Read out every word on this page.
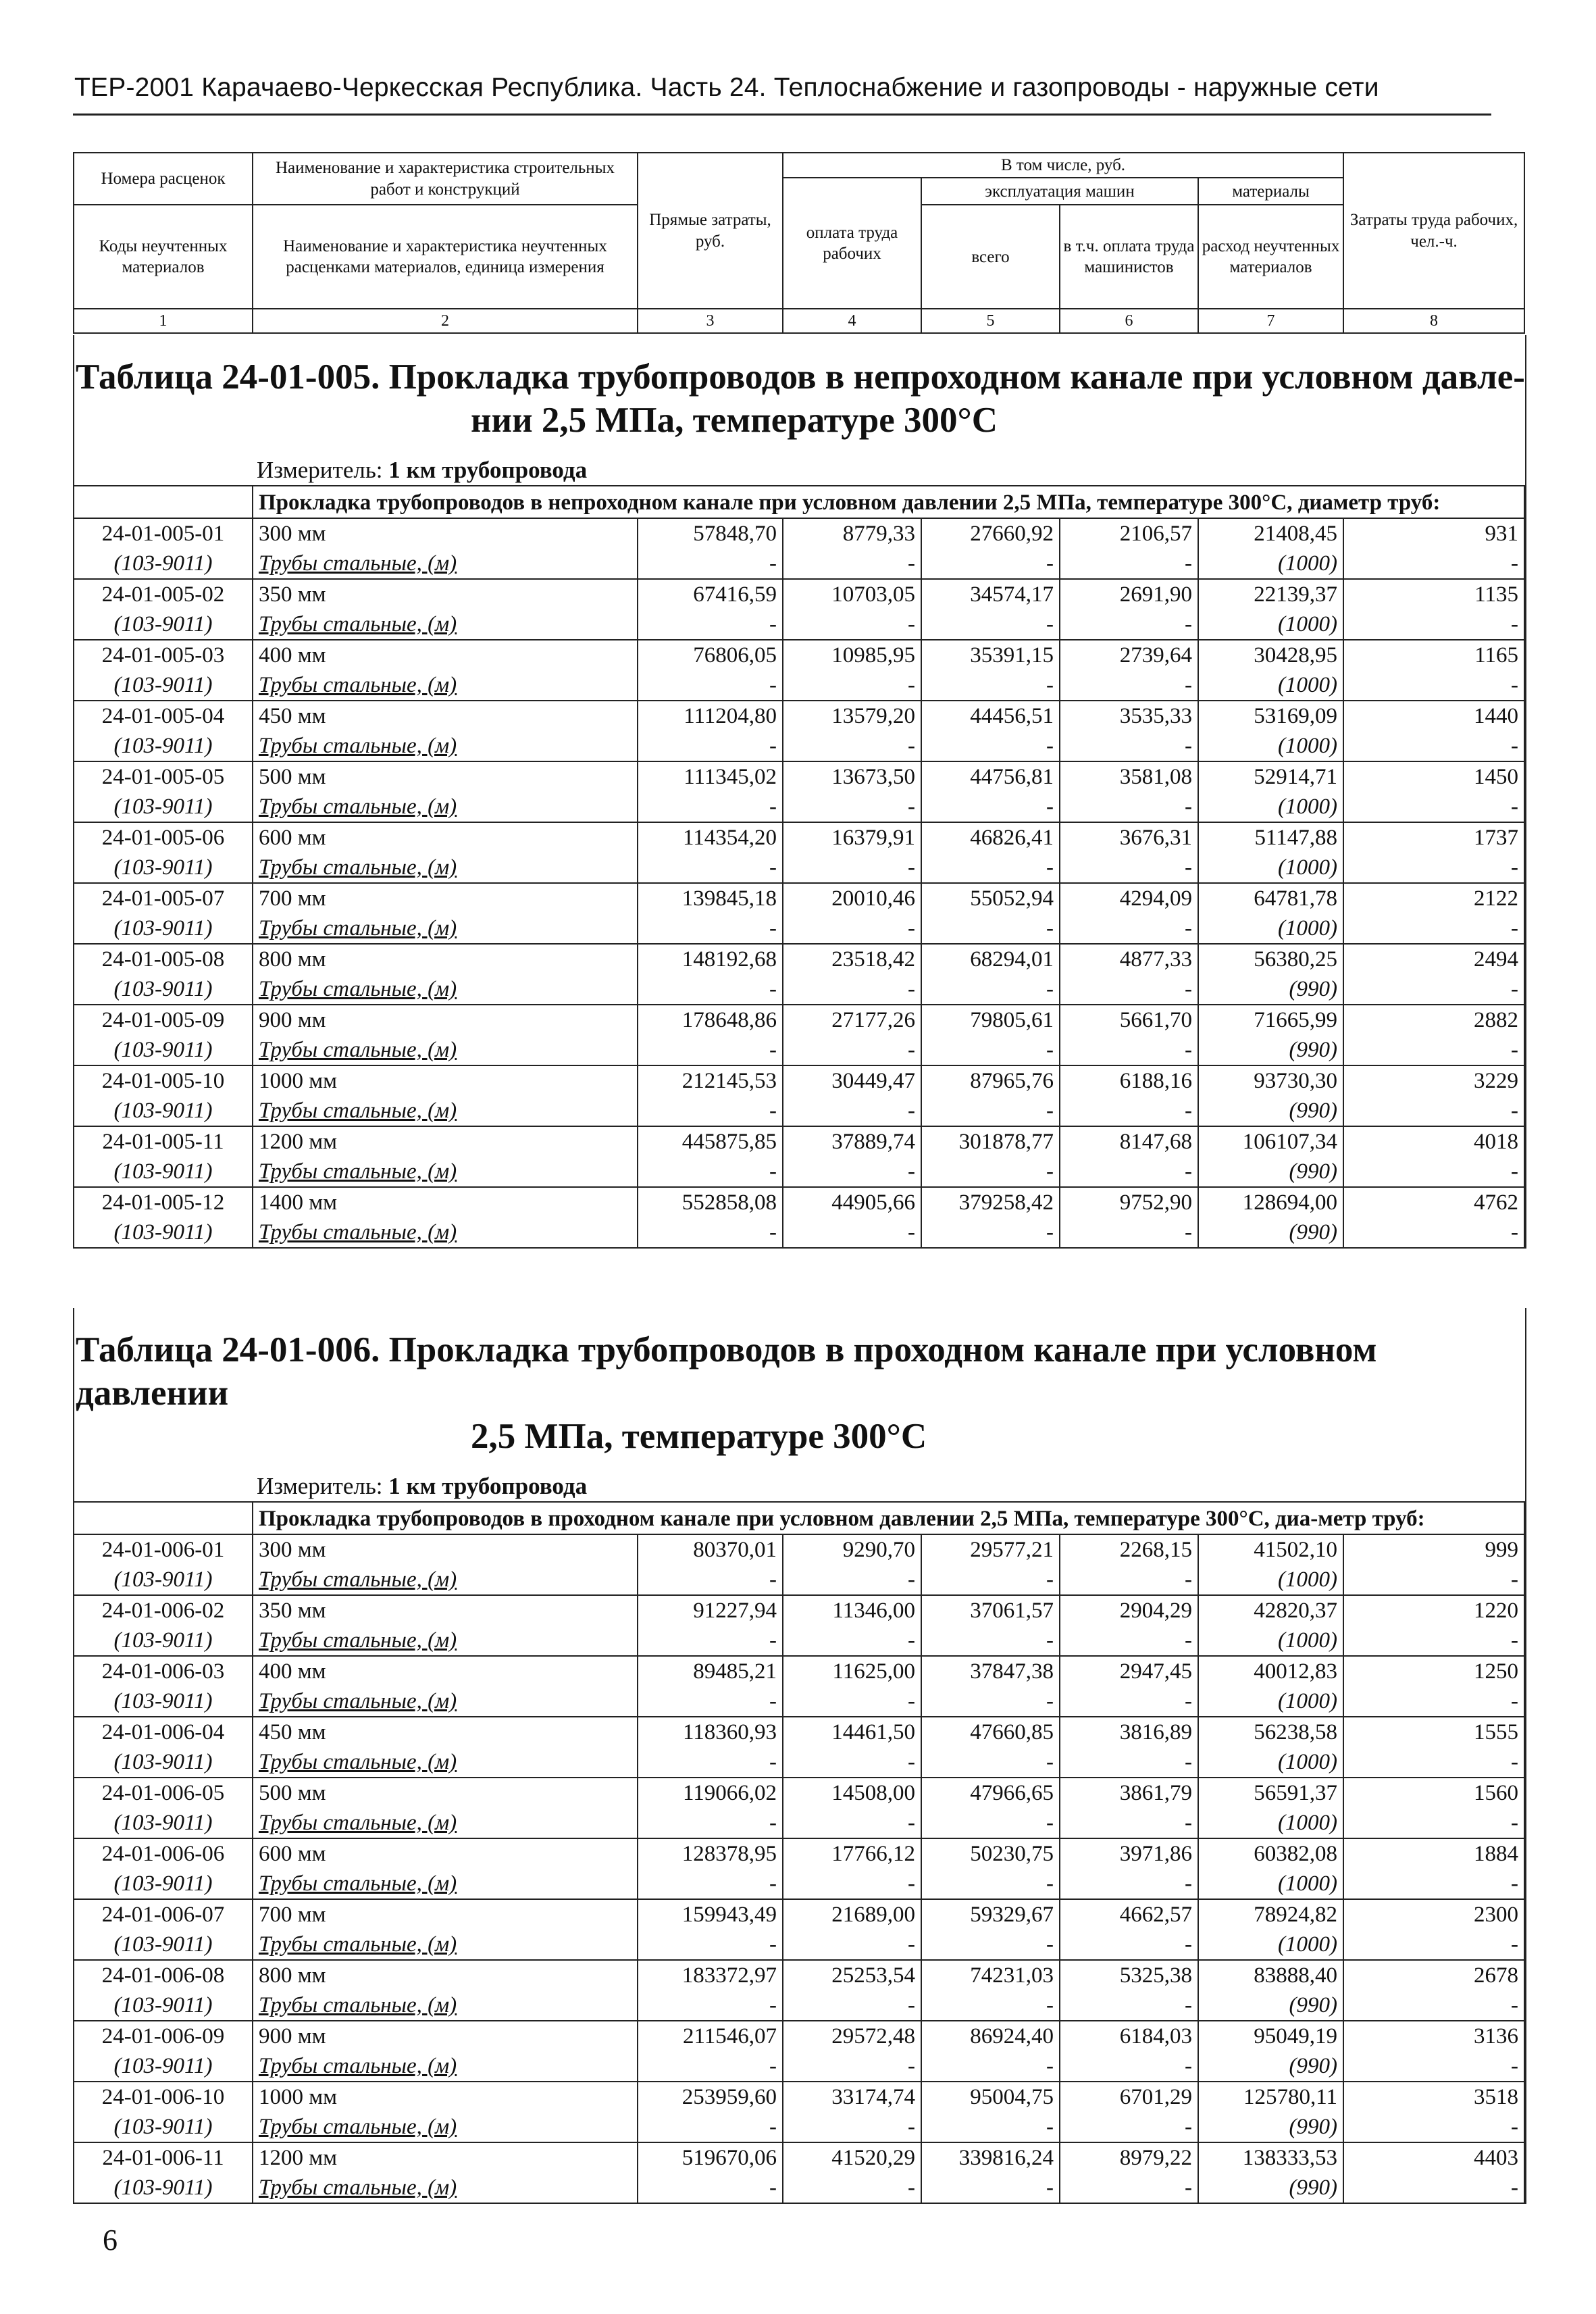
ТЕР-2001 Карачаево-Черкесская Республика. Часть 24. Теплоснабжение и газопроводы - наружные сети
Номера расценок	Наименование и характеристика строительных работ и конструкций	Прямые затраты, руб.	В том числе, руб.				Затраты труда рабочих, чел.-ч.
			оплата труда рабочих	эксплуатация машин		материалы	
Коды неучтенных материалов	Наименование и характеристика неучтенных расценками материалов, единица измерения			всего	в т.ч. оплата труда машинистов	расход неучтенных материалов	

1	2	3	4	5	6	7	8
Таблица 24-01-005. Прокладка трубопроводов в непроходном канале при условном давле-
нии 2,5 МПа, температуре 300°С
Измеритель: 1 км трубопровода
	Прокладка трубопроводов в непроходном канале при условном давлении 2,5 МПа, температуре 300°С, диаметр труб:						
24-01-005-01	300 мм	57848,70	8779,33	27660,92	2106,57	21408,45	931
(103-9011)	Трубы стальные, (м)	-	-	-	-	(1000)	-
24-01-005-02	350 мм	67416,59	10703,05	34574,17	2691,90	22139,37	1135
(103-9011)	Трубы стальные, (м)	-	-	-	-	(1000)	-
24-01-005-03	400 мм	76806,05	10985,95	35391,15	2739,64	30428,95	1165
(103-9011)	Трубы стальные, (м)	-	-	-	-	(1000)	-
24-01-005-04	450 мм	111204,80	13579,20	44456,51	3535,33	53169,09	1440
(103-9011)	Трубы стальные, (м)	-	-	-	-	(1000)	-
24-01-005-05	500 мм	111345,02	13673,50	44756,81	3581,08	52914,71	1450
(103-9011)	Трубы стальные, (м)	-	-	-	-	(1000)	-
24-01-005-06	600 мм	114354,20	16379,91	46826,41	3676,31	51147,88	1737
(103-9011)	Трубы стальные, (м)	-	-	-	-	(1000)	-
24-01-005-07	700 мм	139845,18	20010,46	55052,94	4294,09	64781,78	2122
(103-9011)	Трубы стальные, (м)	-	-	-	-	(1000)	-
24-01-005-08	800 мм	148192,68	23518,42	68294,01	4877,33	56380,25	2494
(103-9011)	Трубы стальные, (м)	-	-	-	-	(990)	-
24-01-005-09	900 мм	178648,86	27177,26	79805,61	5661,70	71665,99	2882
(103-9011)	Трубы стальные, (м)	-	-	-	-	(990)	-
24-01-005-10	1000 мм	212145,53	30449,47	87965,76	6188,16	93730,30	3229
(103-9011)	Трубы стальные, (м)	-	-	-	-	(990)	-
24-01-005-11	1200 мм	445875,85	37889,74	301878,77	8147,68	106107,34	4018
(103-9011)	Трубы стальные, (м)	-	-	-	-	(990)	-
24-01-005-12	1400 мм	552858,08	44905,66	379258,42	9752,90	128694,00	4762
(103-9011)	Трубы стальные, (м)	-	-	-	-	(990)	-
Таблица 24-01-006. Прокладка трубопроводов в проходном канале при условном давлении
2,5 МПа, температуре 300°С
Измеритель: 1 км трубопровода
	Прокладка трубопроводов в проходном канале при условном давлении 2,5 МПа, температуре 300°С, диа-метр труб:						
24-01-006-01	300 мм	80370,01	9290,70	29577,21	2268,15	41502,10	999
(103-9011)	Трубы стальные, (м)	-	-	-	-	(1000)	-
24-01-006-02	350 мм	91227,94	11346,00	37061,57	2904,29	42820,37	1220
(103-9011)	Трубы стальные, (м)	-	-	-	-	(1000)	-
24-01-006-03	400 мм	89485,21	11625,00	37847,38	2947,45	40012,83	1250
(103-9011)	Трубы стальные, (м)	-	-	-	-	(1000)	-
24-01-006-04	450 мм	118360,93	14461,50	47660,85	3816,89	56238,58	1555
(103-9011)	Трубы стальные, (м)	-	-	-	-	(1000)	-
24-01-006-05	500 мм	119066,02	14508,00	47966,65	3861,79	56591,37	1560
(103-9011)	Трубы стальные, (м)	-	-	-	-	(1000)	-
24-01-006-06	600 мм	128378,95	17766,12	50230,75	3971,86	60382,08	1884
(103-9011)	Трубы стальные, (м)	-	-	-	-	(1000)	-
24-01-006-07	700 мм	159943,49	21689,00	59329,67	4662,57	78924,82	2300
(103-9011)	Трубы стальные, (м)	-	-	-	-	(1000)	-
24-01-006-08	800 мм	183372,97	25253,54	74231,03	5325,38	83888,40	2678
(103-9011)	Трубы стальные, (м)	-	-	-	-	(990)	-
24-01-006-09	900 мм	211546,07	29572,48	86924,40	6184,03	95049,19	3136
(103-9011)	Трубы стальные, (м)	-	-	-	-	(990)	-
24-01-006-10	1000 мм	253959,60	33174,74	95004,75	6701,29	125780,11	3518
(103-9011)	Трубы стальные, (м)	-	-	-	-	(990)	-
24-01-006-11	1200 мм	519670,06	41520,29	339816,24	8979,22	138333,53	4403
(103-9011)	Трубы стальные, (м)	-	-	-	-	(990)	-
6
